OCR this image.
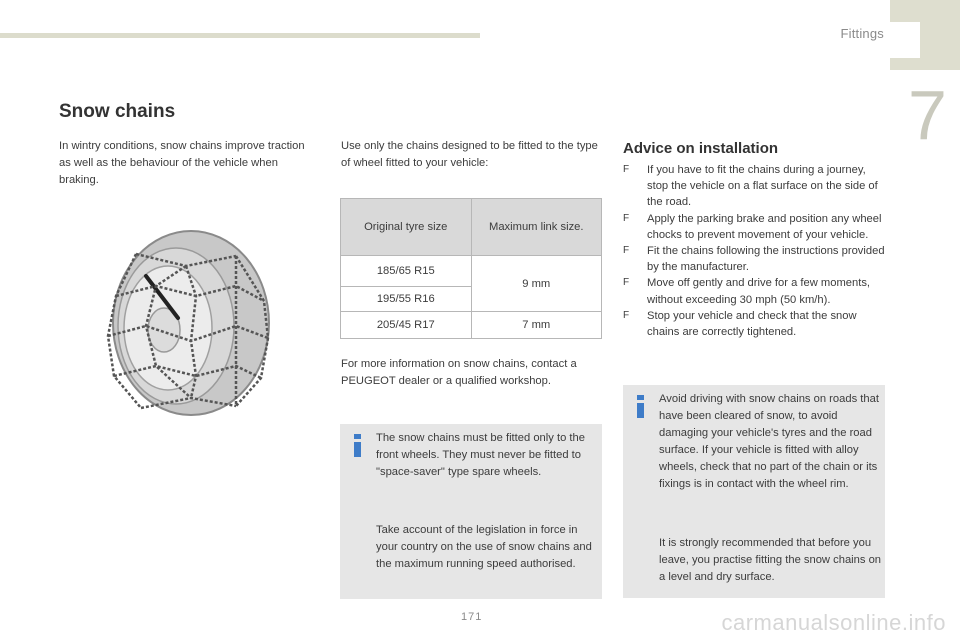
Fittings
7
Snow chains
In wintry conditions, snow chains improve traction as well as the behaviour of the vehicle when braking.
Use only the chains designed to be fitted to the type of wheel fitted to your vehicle:
Original tyre size	Maximum link size.
185/65 R15	9 mm
195/55 R16	
205/45 R17	7 mm
For more information on snow chains, contact a PEUGEOT dealer or a qualified workshop.
The snow chains must be fitted only to the front wheels. They must never be fitted to "space-saver" type spare wheels.
Take account of the legislation in force in your country on the use of snow chains and the maximum running speed authorised.
Advice on installation
F If you have to fit the chains during a journey, stop the vehicle on a flat surface on the side of the road.
F Apply the parking brake and position any wheel chocks to prevent movement of your vehicle.
F Fit the chains following the instructions provided by the manufacturer.
F Move off gently and drive for a few moments, without exceeding 30 mph (50 km/h).
F Stop your vehicle and check that the snow chains are correctly tightened.
Avoid driving with snow chains on roads that have been cleared of snow, to avoid damaging your vehicle's tyres and the road surface. If your vehicle is fitted with alloy wheels, check that no part of the chain or its fixings is in contact with the wheel rim.
It is strongly recommended that before you leave, you practise fitting the snow chains on a level and dry surface.
171	carmanualsonline.info
